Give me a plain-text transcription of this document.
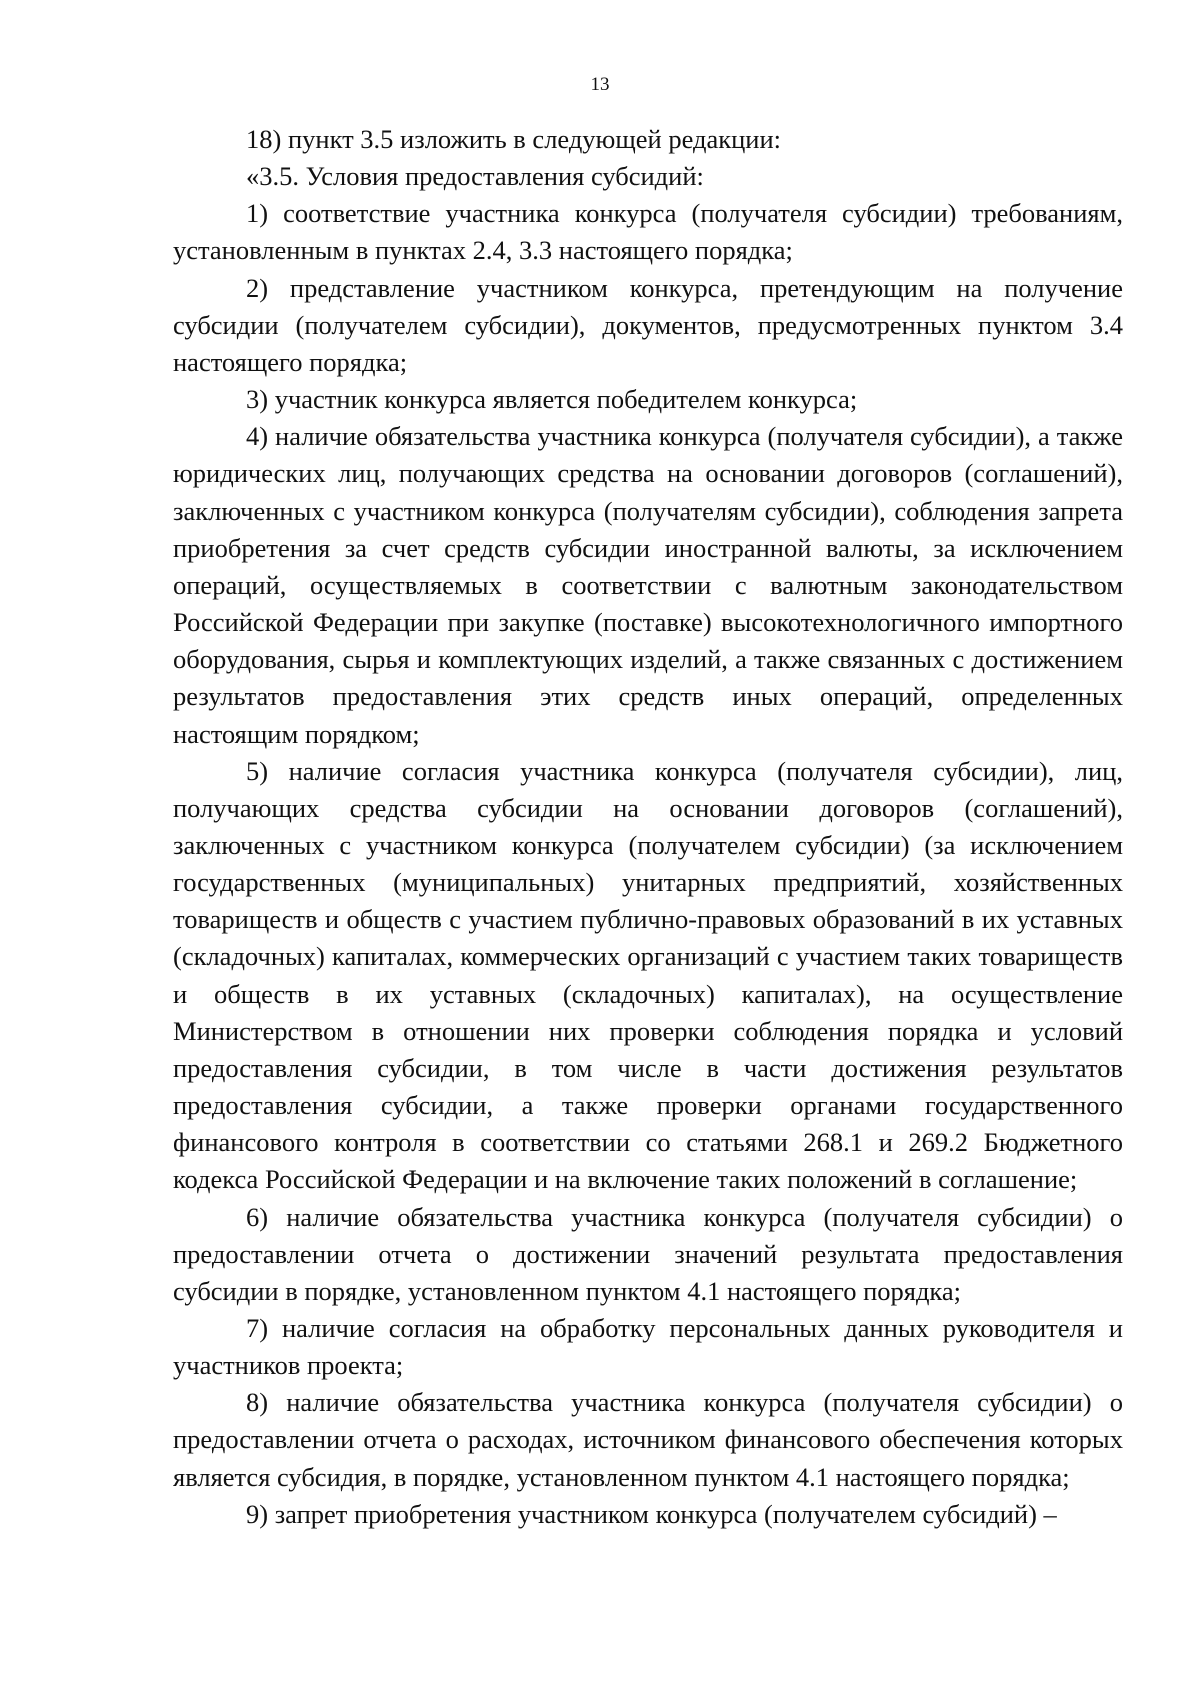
13

18) пункт 3.5 изложить в следующей редакции:

«3.5. Условия предоставления субсидий:

1) соответствие участника конкурса (получателя субсидии) требованиям, установленным в пунктах 2.4, 3.3 настоящего порядка;

2) представление участником конкурса, претендующим на получение субсидии (получателем субсидии), документов, предусмотренных пунктом 3.4 настоящего порядка;

3) участник конкурса является победителем конкурса;

4) наличие обязательства участника конкурса (получателя субсидии), а также юридических лиц, получающих средства на основании договоров (соглашений), заключенных с участником конкурса (получателям субсидии), соблюдения запрета приобретения за счет средств субсидии иностранной валюты, за исключением операций, осуществляемых в соответствии с валютным законодательством Российской Федерации при закупке (поставке) высокотехнологичного импортного оборудования, сырья и комплектующих изделий, а также связанных с достижением результатов предоставления этих средств иных операций, определенных настоящим порядком;

5) наличие согласия участника конкурса (получателя субсидии), лиц, получающих средства субсидии на основании договоров (соглашений), заключенных с участником конкурса (получателем субсидии) (за исключением государственных (муниципальных) унитарных предприятий, хозяйственных товариществ и обществ с участием публично-правовых образований в их уставных (складочных) капиталах, коммерческих организаций с участием таких товариществ и обществ в их уставных (складочных) капиталах), на осуществление Министерством в отношении них проверки соблюдения порядка и условий предоставления субсидии, в том числе в части достижения результатов предоставления субсидии, а также проверки органами государственного финансового контроля в соответствии со статьями 268.1 и 269.2 Бюджетного кодекса Российской Федерации и на включение таких положений в соглашение;

6) наличие обязательства участника конкурса (получателя субсидии) о предоставлении отчета о достижении значений результата предоставления субсидии в порядке, установленном пунктом 4.1 настоящего порядка;

7) наличие согласия на обработку персональных данных руководителя и участников проекта;

8) наличие обязательства участника конкурса (получателя субсидии) о предоставлении отчета о расходах, источником финансового обеспечения которых является субсидия, в порядке, установленном пунктом 4.1 настоящего порядка;

9) запрет приобретения участником конкурса (получателем субсидий) –
